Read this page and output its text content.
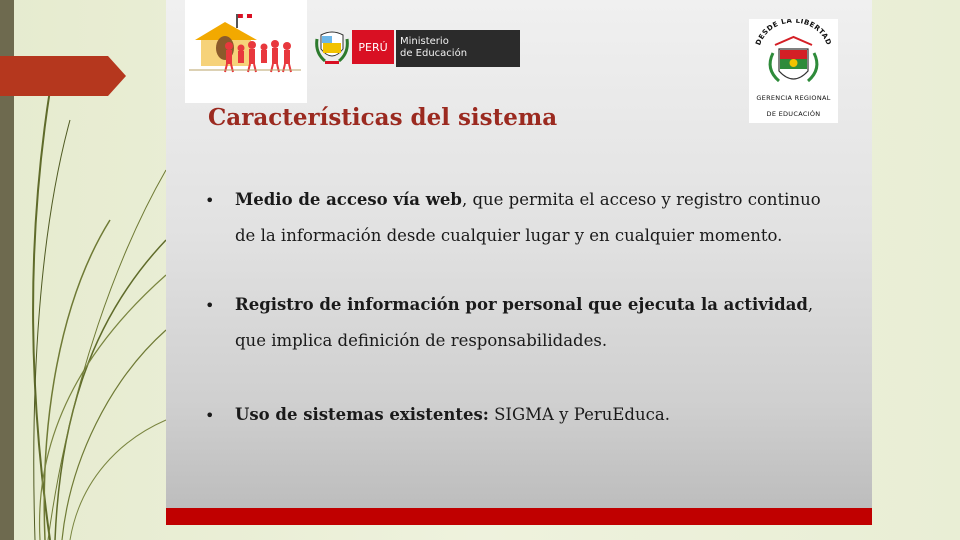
PERÚ	Ministerio
de Educación
DESDE LA LIBERTAD
GERENCIA REGIONAL
DE EDUCACIÓN
Características del sistema
• Medio de acceso vía web, que permita el acceso y registro continuo de la información desde cualquier lugar y en cualquier momento.
• Registro de información por personal que ejecuta la actividad, que implica definición de responsabilidades.
• Uso de sistemas existentes: SIGMA y PeruEduca.
